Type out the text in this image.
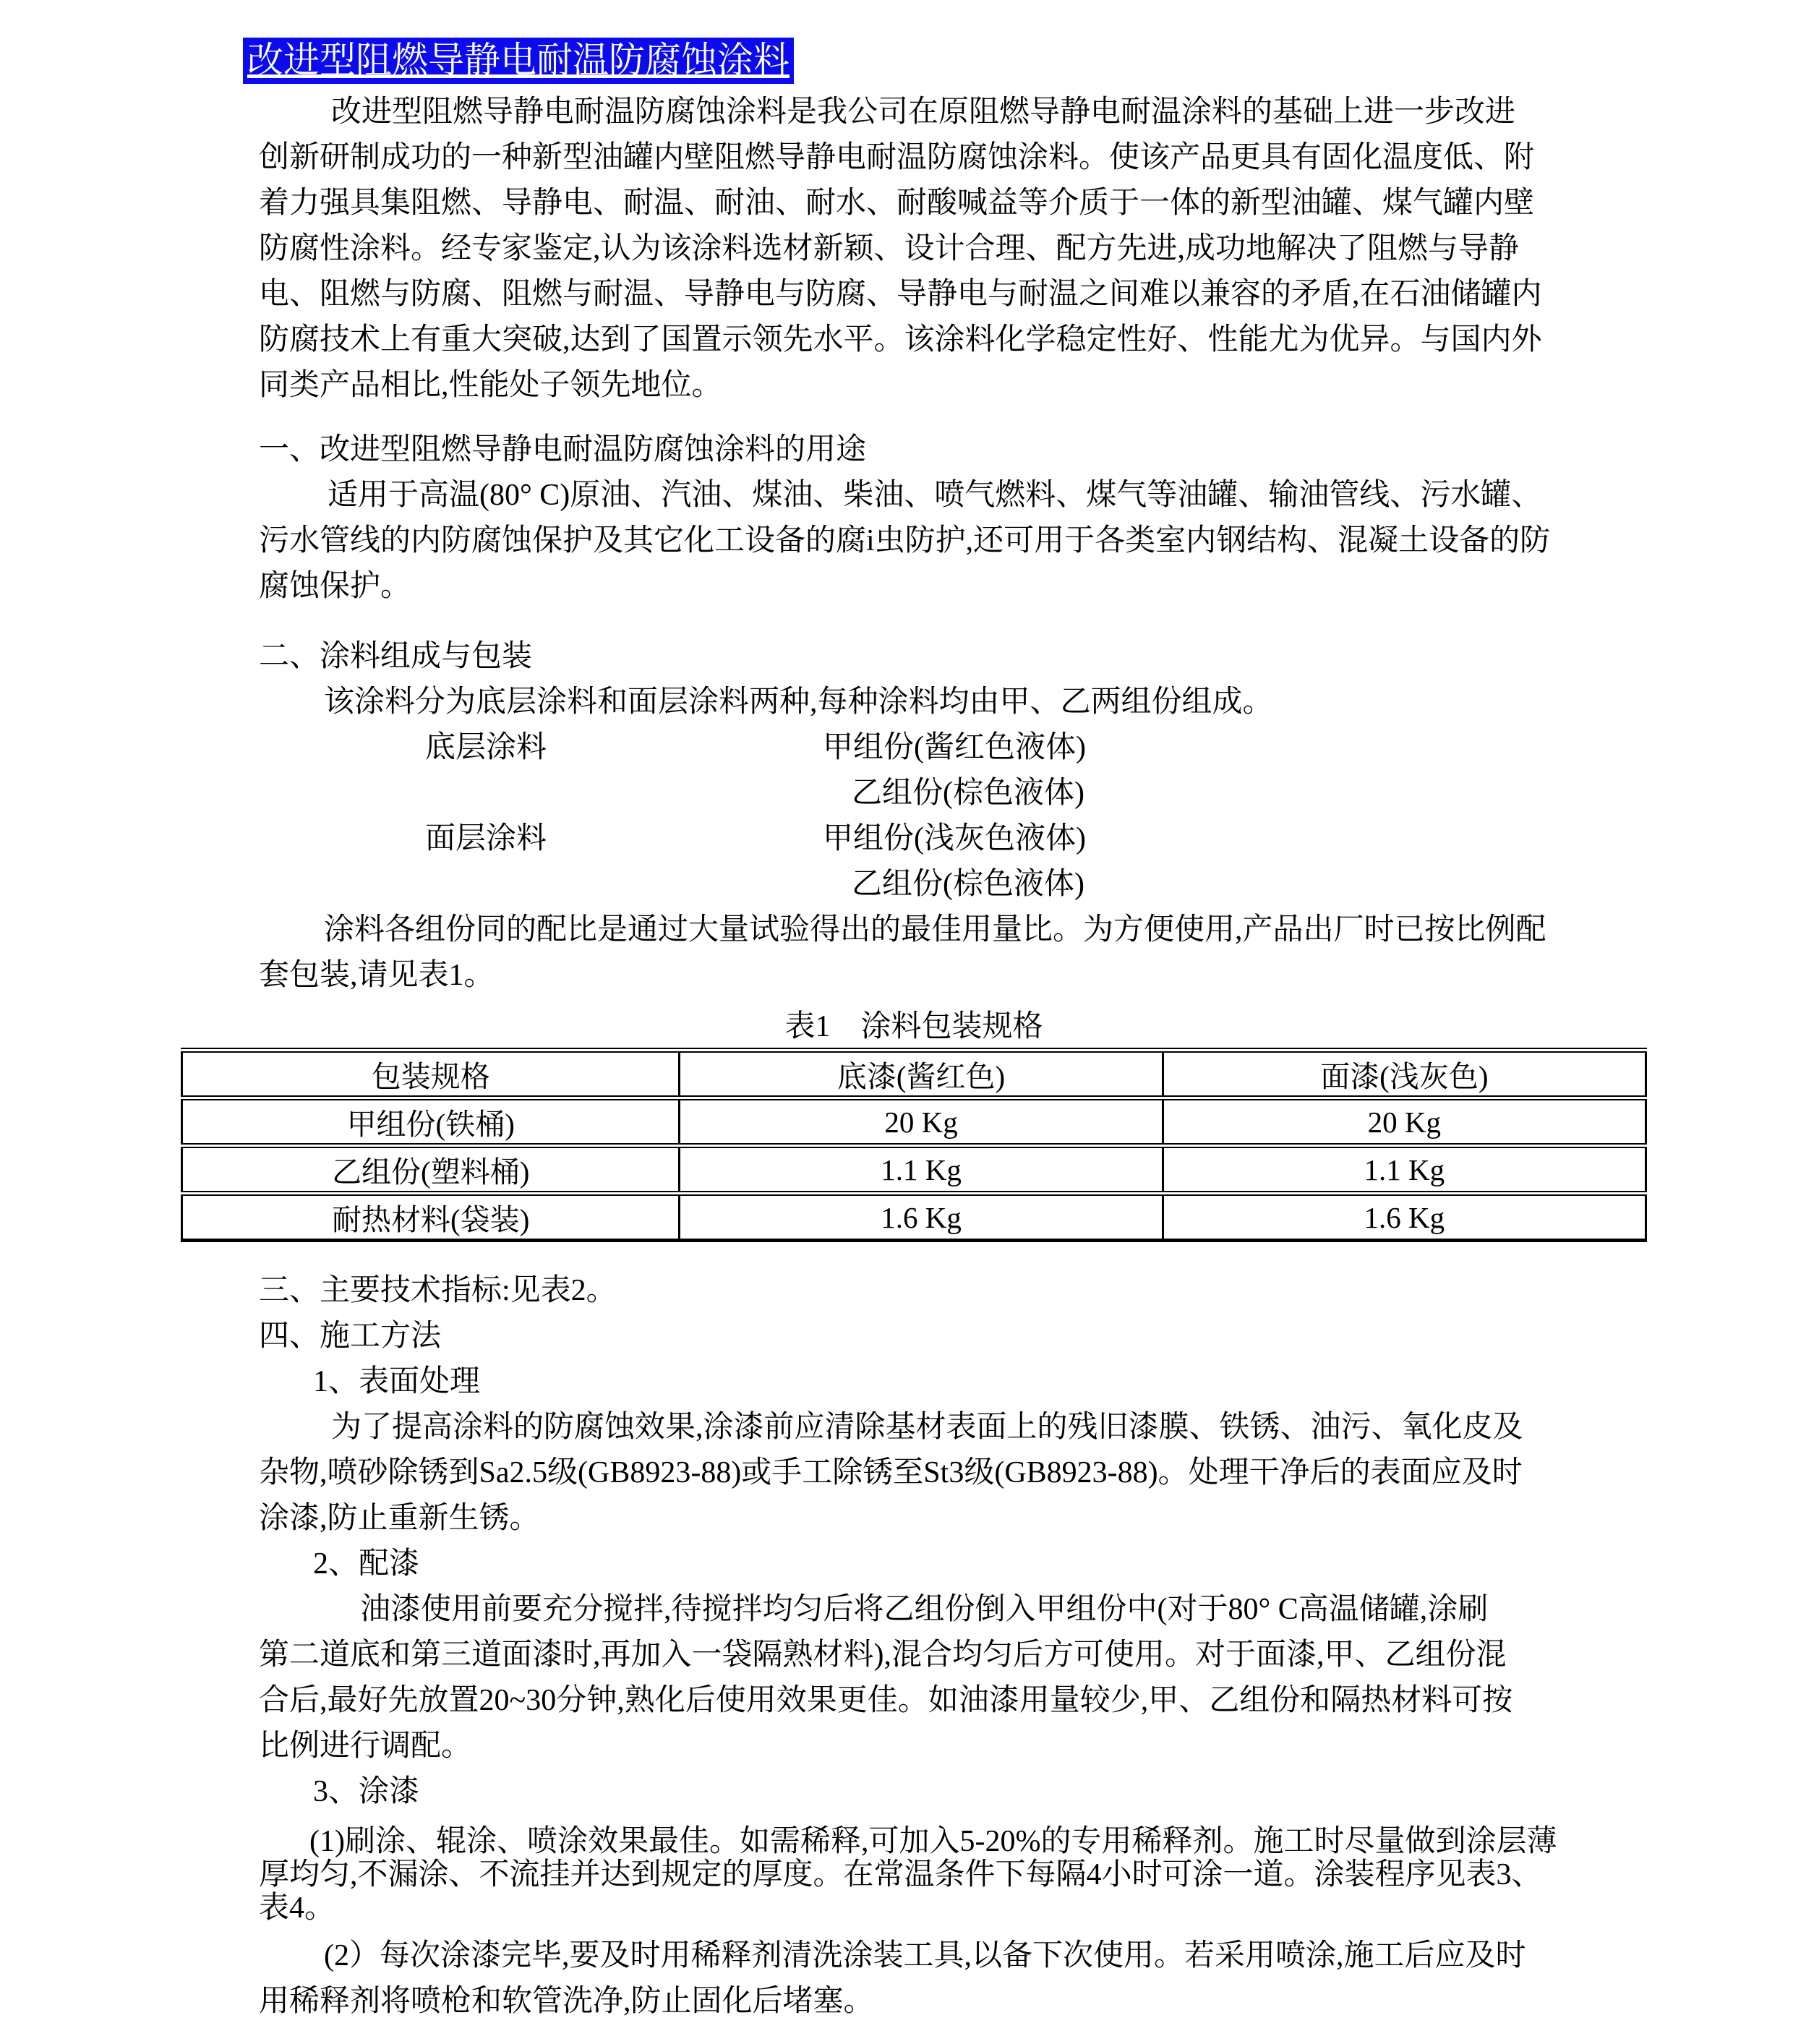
改进型阻燃导静电耐温防腐蚀涂料
改进型阻燃导静电耐温防腐蚀涂料是我公司在原阻燃导静电耐温涂料的基础上进一步改进
创新研制成功的一种新型油罐内壁阻燃导静电耐温防腐蚀涂料。使该产品更具有固化温度低、附
着力强具集阻燃、导静电、耐温、耐油、耐水、耐酸喊益等介质于一体的新型油罐、煤气罐内壁
防腐性涂料。经专家鉴定,认为该涂料选材新颖、设计合理、配方先进,成功地解决了阻燃与导静
电、阻燃与防腐、阻燃与耐温、导静电与防腐、导静电与耐温之间难以兼容的矛盾,在石油储罐内
防腐技术上有重大突破,达到了国置示领先水平。该涂料化学稳定性好、性能尤为优异。与国内外
同类产品相比,性能处子领先地位。
一、改进型阻燃导静电耐温防腐蚀涂料的用途
适用于高温(80° C)原油、汽油、煤油、柴油、喷气燃料、煤气等油罐、输油管线、污水罐、
污水管线的内防腐蚀保护及其它化工设备的腐i虫防护,还可用于各类室内钢结构、混凝土设备的防
腐蚀保护。
二、涂料组成与包装
该涂料分为底层涂料和面层涂料两种,每种涂料均由甲、乙两组份组成。
底层涂料	甲组份(酱红色液体)
乙组份(棕色液体)
面层涂料	甲组份(浅灰色液体)
乙组份(棕色液体)
涂料各组份同的配比是通过大量试验得出的最佳用量比。为方便使用,产品出厂时已按比例配
套包装,请见表1。
表1　涂料包装规格
包装规格	底漆(酱红色)	面漆(浅灰色)
甲组份(铁桶)	20 Kg	20 Kg
乙组份(塑料桶)	1.1 Kg	1.1 Kg
耐热材料(袋装)	1.6 Kg	1.6 Kg
三、主要技术指标:见表2。
四、施工方法
1、表面处理
为了提高涂料的防腐蚀效果,涂漆前应清除基材表面上的残旧漆膜、铁锈、油污、氧化皮及
杂物,喷砂除锈到Sa2.5级(GB8923-88)或手工除锈至St3级(GB8923-88)。处理干净后的表面应及时
涂漆,防止重新生锈。
2、配漆
油漆使用前要充分搅拌,待搅拌均匀后将乙组份倒入甲组份中(对于80° C高温储罐,涂刷
第二道底和第三道面漆时,再加入一袋隔熟材料),混合均匀后方可使用。对于面漆,甲、乙组份混
合后,最好先放置20~30分钟,熟化后使用效果更佳。如油漆用量较少,甲、乙组份和隔热材料可按
比例进行调配。
3、涂漆
(1)刷涂、辊涂、喷涂效果最佳。如需稀释,可加入5-20%的专用稀释剂。施工时尽量做到涂层薄
厚均匀,不漏涂、不流挂并达到规定的厚度。在常温条件下每隔4小时可涂一道。涂装程序见表3、
表4。
(2）每次涂漆完毕,要及时用稀释剂清洗涂装工具,以备下次使用。若采用喷涂,施工后应及时
用稀释剂将喷枪和软管洗净,防止固化后堵塞。
